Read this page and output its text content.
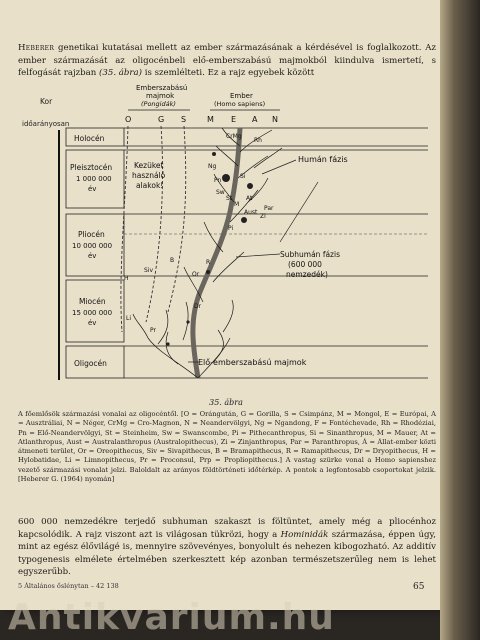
Heberer genetikai kutatásai mellett az ember származásának a kérdésével is foglalkozott. Az ember származását az oligocénbeli elő-emberszabású majmokból kiindulva ismertetí, s felfogását rajzban (35. ábra) is szemlélteti. Ez a rajz egyebek között

Kor
időarányosan
Holocén
Pleisztocén
1 000 000
év
Pliocén
10 000 000
év
Miocén
15 000 000
év
Oligocén
Emberszabású
majmok
(Pongidák)
Ember
(Homo sapiens)
O	G S	M E A N
CrMg
Rh
Ng
Sw
St
Pn
Si
M
At
Aust
Par
Zi
Pi
Siv
B
Or
H
Li
Dr
R
Pr
Kezüket
használó
alakok!
Humán fázis
Subhumán fázis
(600 000
nemzedék)
Elő-emberszabású majmok
35. ábra

A főemlősök származási vonalai az oligocéntől. [O = Orángután, G = Gorilla, S = Csimpánz, M = Mongol, E = Európai, A = Ausztráliai, N = Néger, CrMg = Cro-Magnon, N = Neandervölgyi, Ng = Ngandong, F = Fontéchevade, Rh = Rhodéziai, Pn = Elő-Neandervölgyi, St = Steinheim, Sw = Swanscombe, Pi = Pithecanthropus, Si = Sinanthropus, M = Mauer, At = Atlanthropus, Aust = Australanthropus (Australopithecus), Zi = Zinjanthropus, Par = Paranthropus, Á = Állat-ember közti átmeneti terület, Or = Oreopithecus, Siv = Sivapithecus, B = Bramapithecus, R = Ramapithecus, Dr = Dryopithecus, H = Hylobatidae, Li = Limnopithecus, Pr = Proconsul, Prp = Propliopithecus.] A vastag szürke vonal a Homo sapienshez vezető származási vonalat jelzi. Baloldalt az arányos földtörténeti időtérkép. A pontok a legfontosabb csoportokat jelzik. [Heberer G. (1964) nyomán]

600 000 nemzedékre terjedő subhuman szakaszt is föltüntet, amely még a pliocénhoz kapcsolódik. A rajz viszont azt is világosan tükrözi, hogy a Hominidák származása, éppen úgy, mint az egész élővilágé is, mennyire szövevényes, bonyolult és nehezen kibogozható. Az additív typogenesis elmélete értelmében szerkesztett kép azonban természetszerűleg nem is lehet egyszerűbb.

5 Általános őslénytan – 42 138	65
Antikvarium.hu
